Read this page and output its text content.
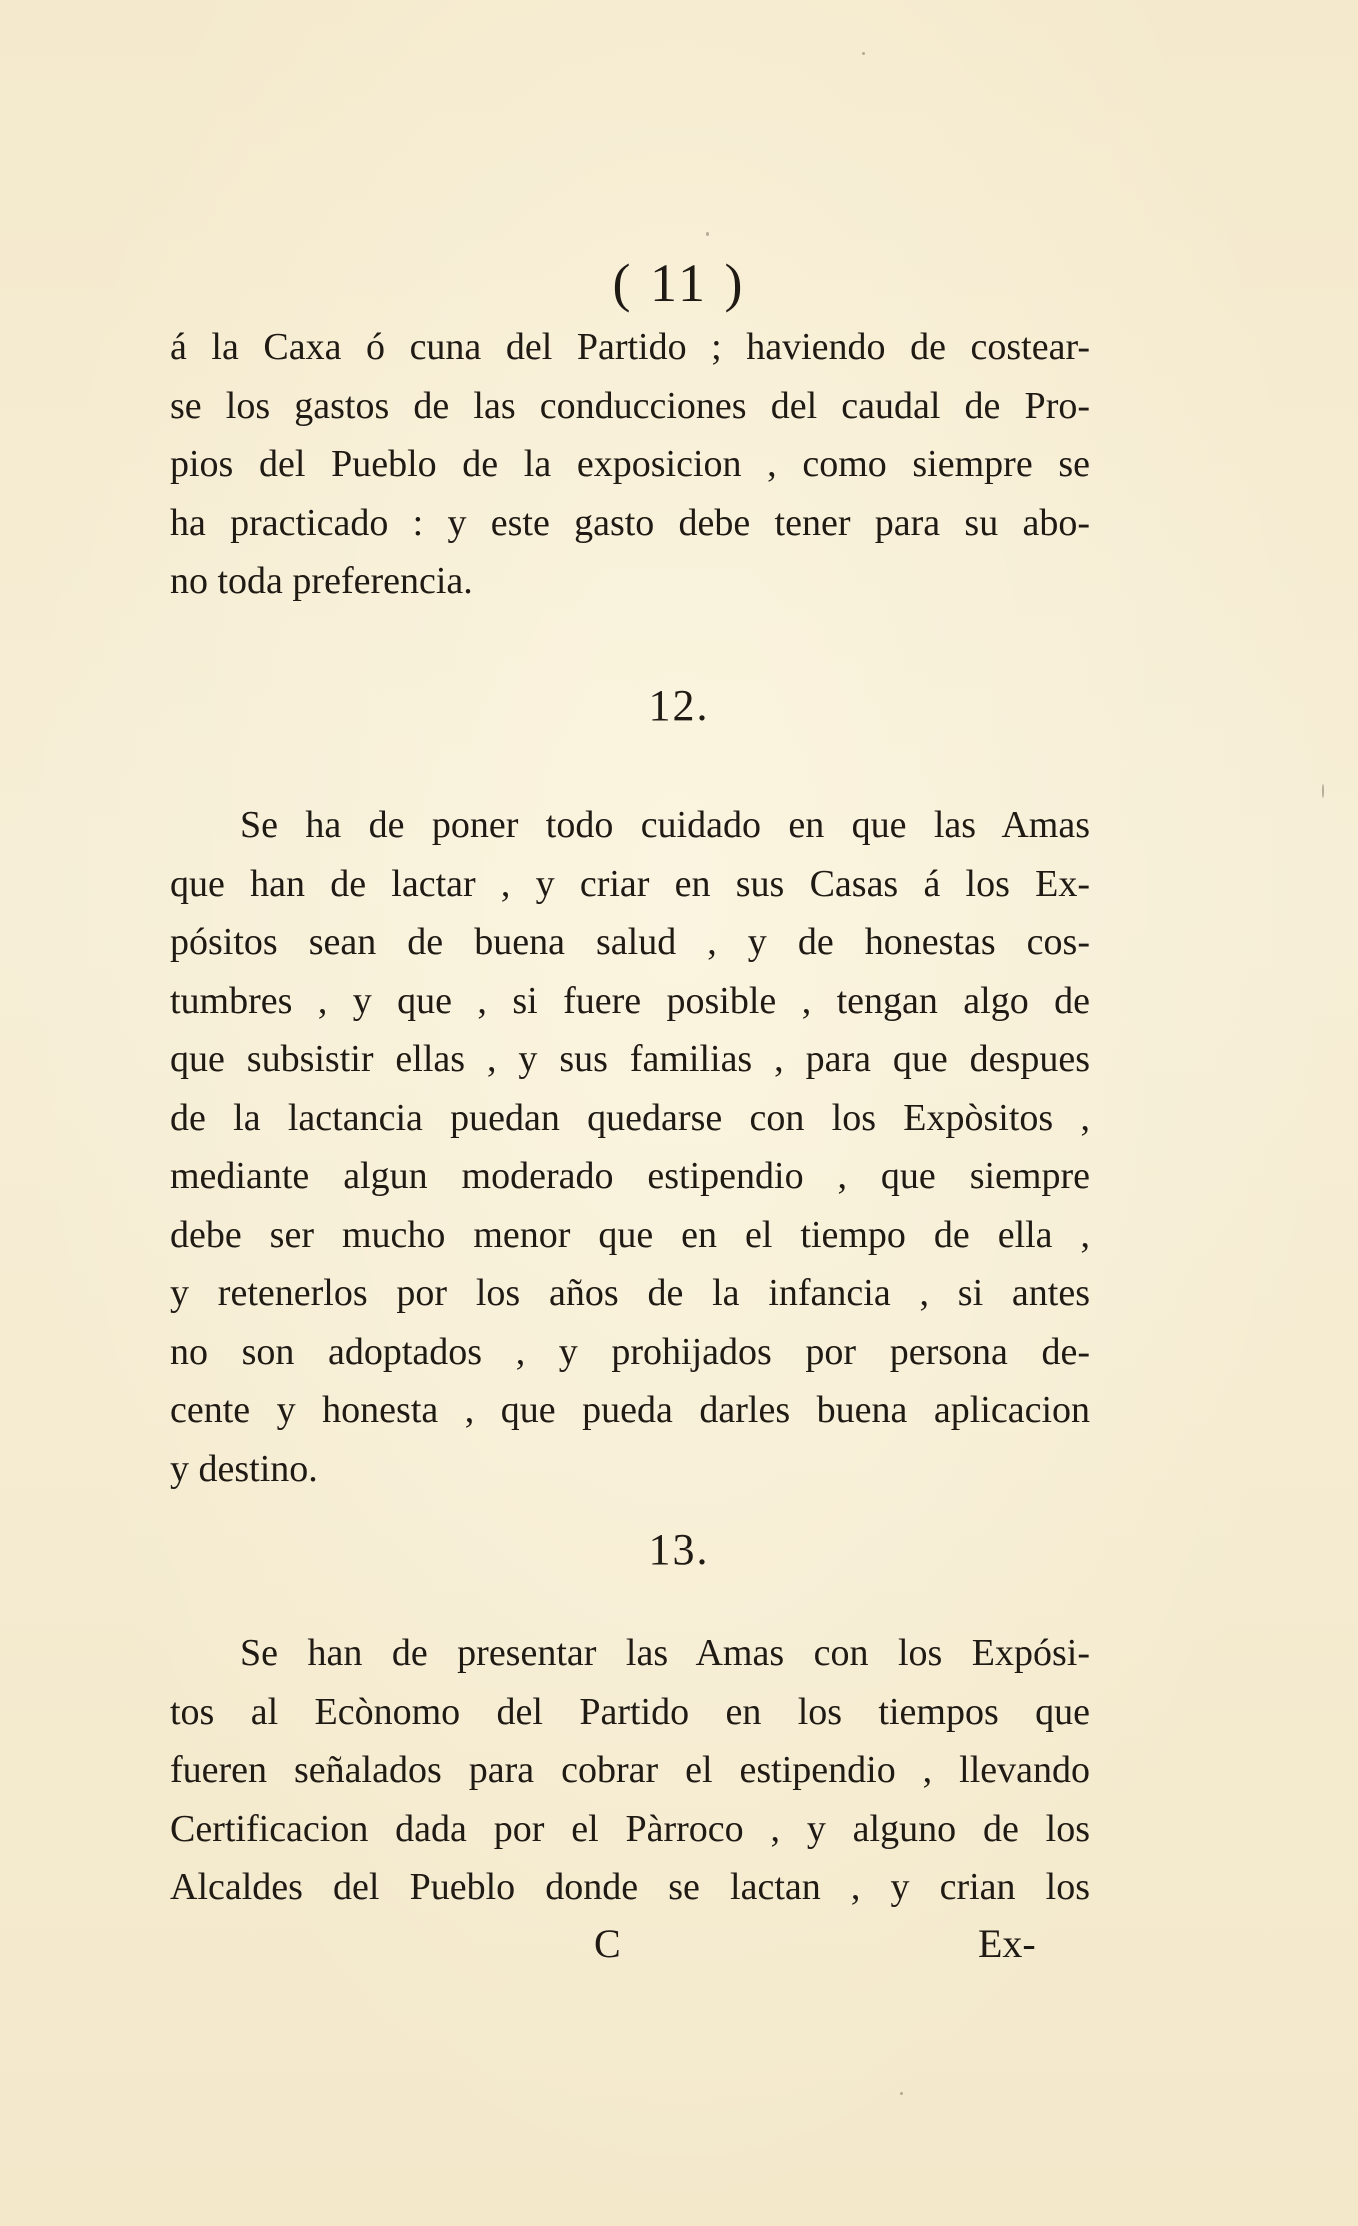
( 11 )
á la Caxa ó cuna del Partido ; haviendo de costear-
se los gastos de las conducciones del caudal de Pro-
pios del Pueblo de la exposicion , como siempre se
ha practicado : y este gasto debe tener para su abo-
no toda preferencia.
12.
Se ha de poner todo cuidado en que las Amas
que han de lactar , y criar en sus Casas á los Ex-
pósitos sean de buena salud , y de honestas cos-
tumbres , y que , si fuere posible , tengan algo de
que subsistir ellas , y sus familias , para que despues
de la lactancia puedan quedarse con los Expòsitos ,
mediante algun moderado estipendio , que siempre
debe ser mucho menor que en el tiempo de ella ,
y retenerlos por los años de la infancia , si antes
no son adoptados , y prohijados por persona de-
cente y honesta , que pueda darles buena aplicacion
y destino.
13.
Se han de presentar las Amas con los Expósi-
tos al Ecònomo del Partido en los tiempos que
fueren señalados para cobrar el estipendio , llevando
Certificacion dada por el Pàrroco , y alguno de los
Alcaldes del Pueblo donde se lactan , y crian los
C	Ex-
